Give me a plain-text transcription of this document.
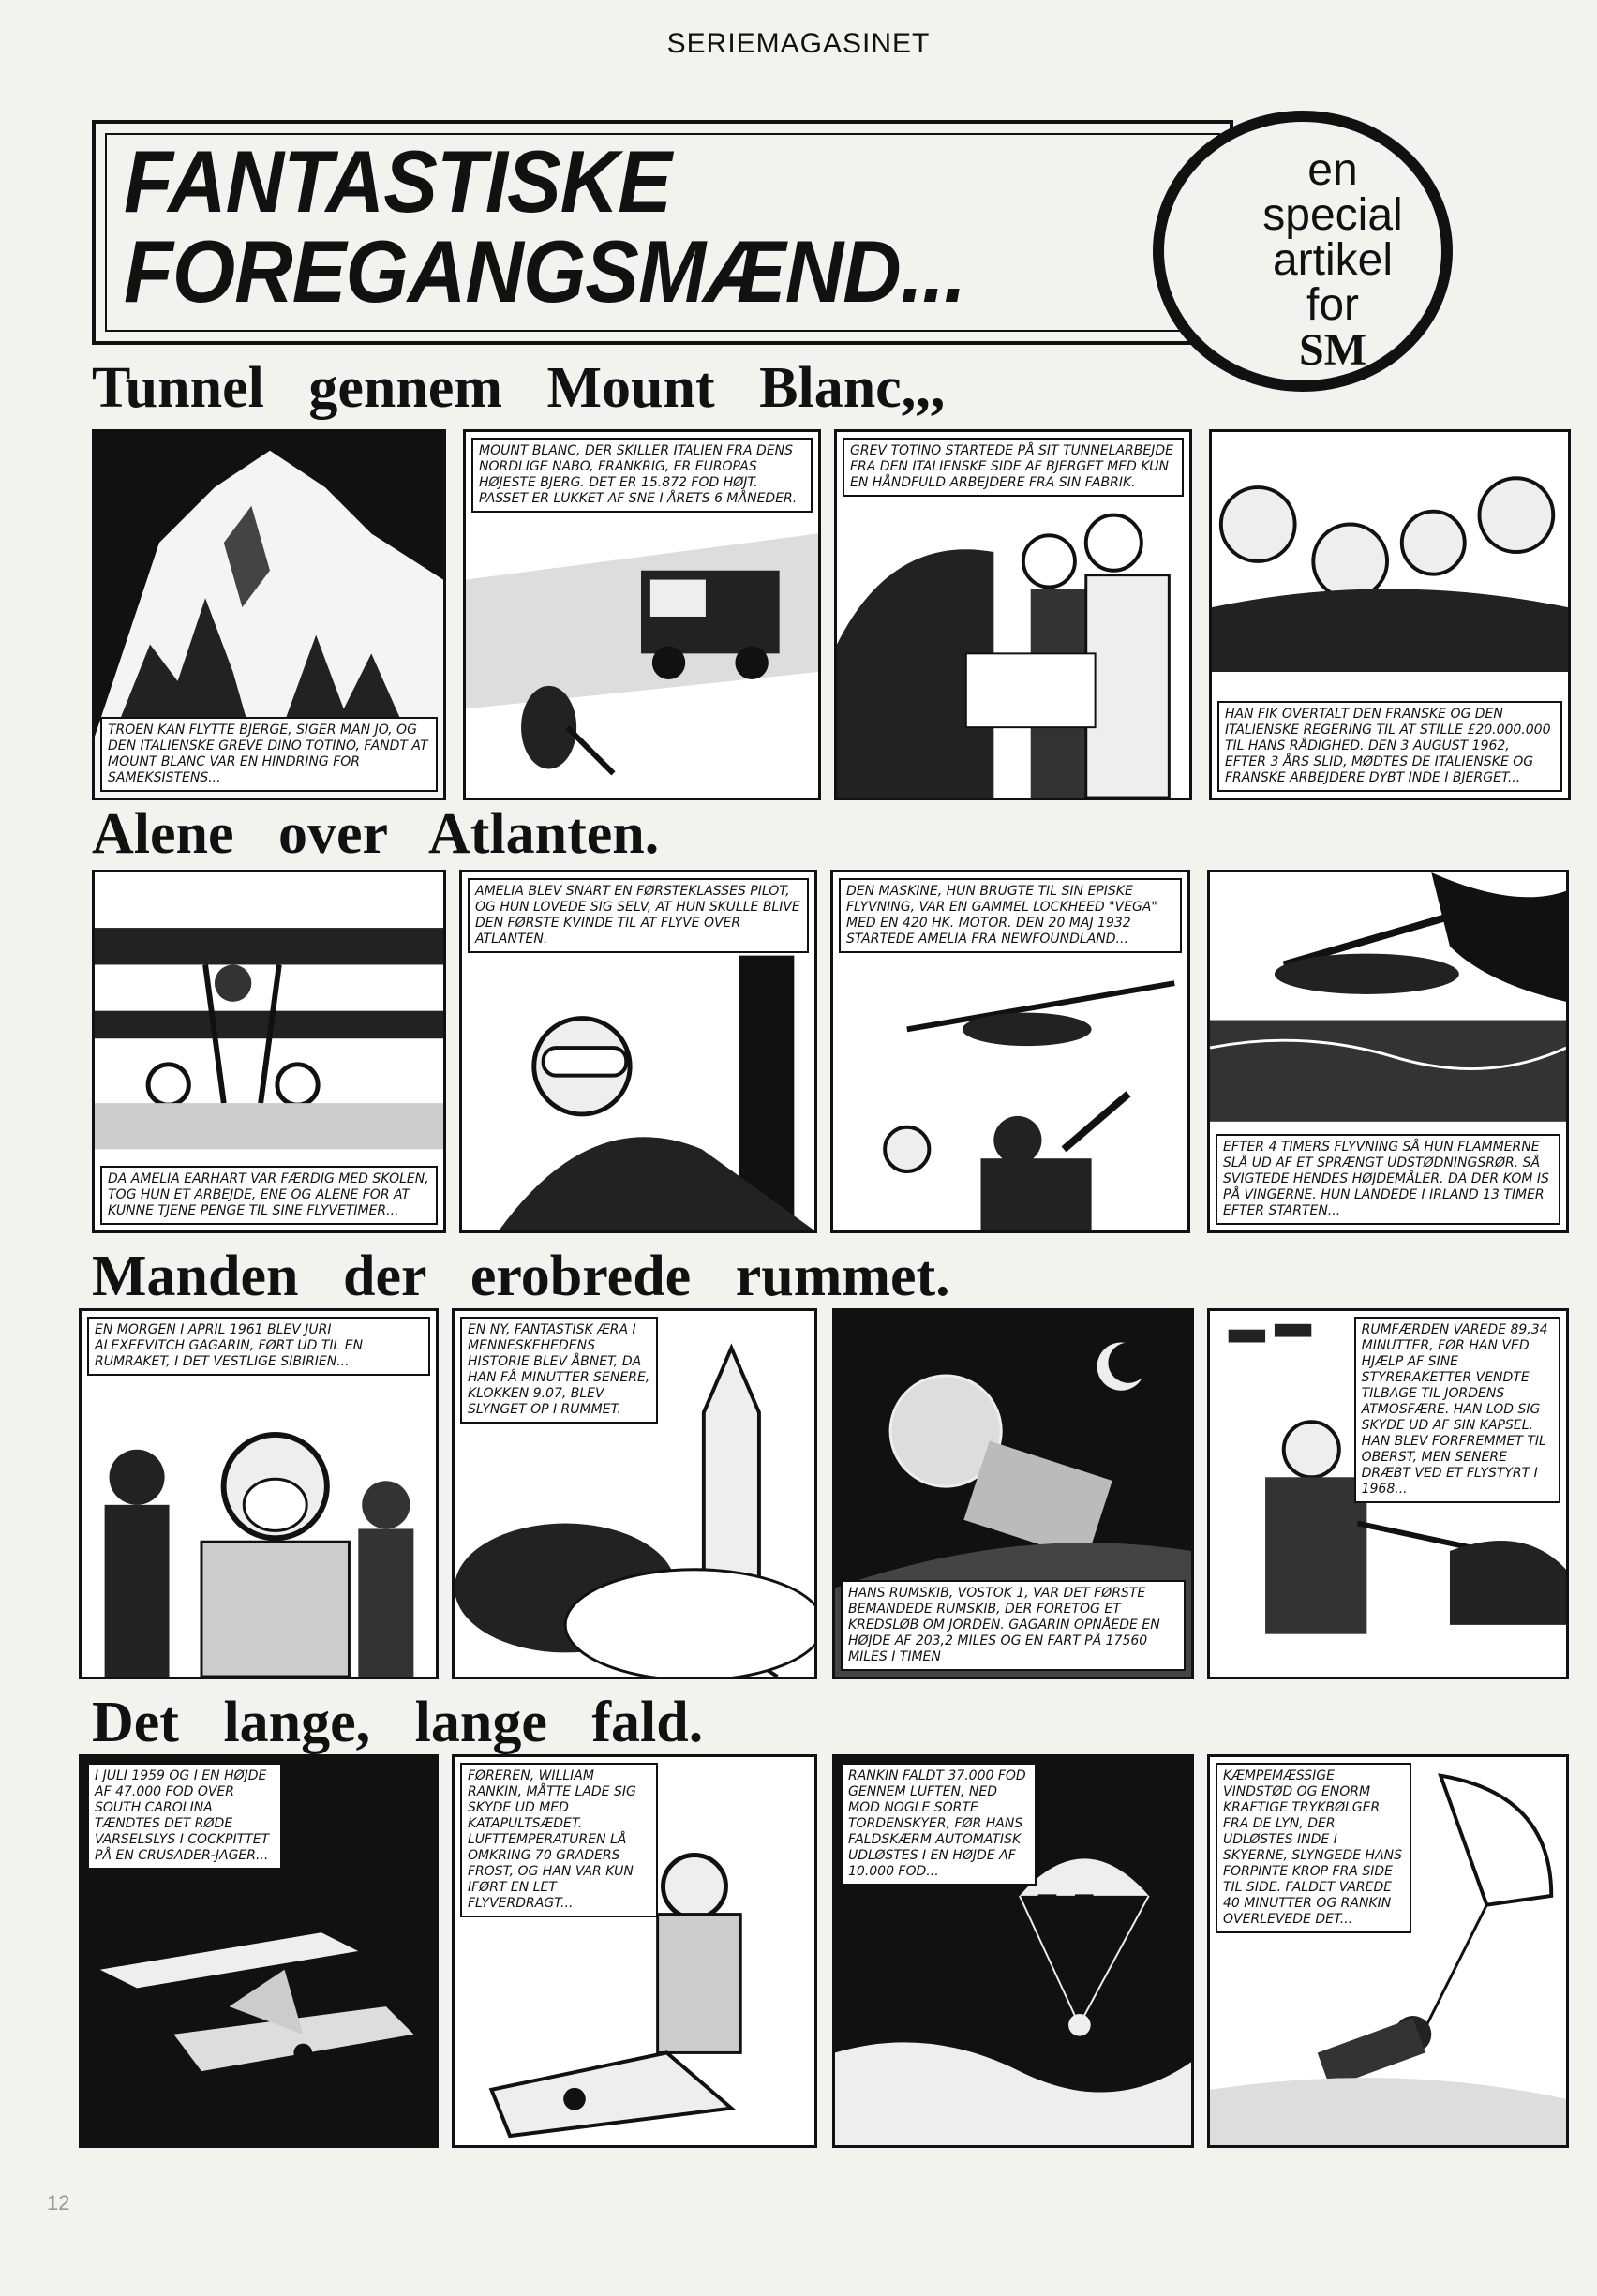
SERIEMAGASINET
FANTASTISKE
FOREGANGSMÆND...
en
special
artikel
for
SM
Tunnel gennem Mount Blanc,,,
TROEN KAN FLYTTE BJERGE, SIGER MAN JO, OG DEN ITALIENSKE GREVE DINO TOTINO, FANDT AT MOUNT BLANC VAR EN HINDRING FOR SAMEKSISTENS...
MOUNT BLANC, DER SKILLER ITALIEN FRA DENS NORDLIGE NABO, FRANKRIG, ER EUROPAS HØJESTE BJERG. DET ER 15.872 FOD HØJT. PASSET ER LUKKET AF SNE I ÅRETS 6 MÅNEDER.
GREV TOTINO STARTEDE PÅ SIT TUNNELARBEJDE FRA DEN ITALIENSKE SIDE AF BJERGET MED KUN EN HÅNDFULD ARBEJDERE FRA SIN FABRIK.
HAN FIK OVERTALT DEN FRANSKE OG DEN ITALIENSKE REGERING TIL AT STILLE £20.000.000 TIL HANS RÅDIGHED. DEN 3 AUGUST 1962, EFTER 3 ÅRS SLID, MØDTES DE ITALIENSKE OG FRANSKE ARBEJDERE DYBT INDE I BJERGET...
Alene over Atlanten.
DA AMELIA EARHART VAR FÆRDIG MED SKOLEN, TOG HUN ET ARBEJDE, ENE OG ALENE FOR AT KUNNE TJENE PENGE TIL SINE FLYVETIMER...
AMELIA BLEV SNART EN FØRSTEKLASSES PILOT, OG HUN LOVEDE SIG SELV, AT HUN SKULLE BLIVE DEN FØRSTE KVINDE TIL AT FLYVE OVER ATLANTEN.
DEN MASKINE, HUN BRUGTE TIL SIN EPISKE FLYVNING, VAR EN GAMMEL LOCKHEED "VEGA" MED EN 420 HK. MOTOR. DEN 20 MAJ 1932 STARTEDE AMELIA FRA NEWFOUNDLAND...
EFTER 4 TIMERS FLYVNING SÅ HUN FLAMMERNE SLÅ UD AF ET SPRÆNGT UDSTØDNINGSRØR. SÅ SVIGTEDE HENDES HØJDEMÅLER. DA DER KOM IS PÅ VINGERNE. HUN LANDEDE I IRLAND 13 TIMER EFTER STARTEN...
Manden der erobrede rummet.
EN MORGEN I APRIL 1961 BLEV JURI ALEXEEVITCH GAGARIN, FØRT UD TIL EN RUMRAKET, I DET VESTLIGE SIBIRIEN...
EN NY, FANTASTISK ÆRA I MENNESKEHEDENS HISTORIE BLEV ÅBNET, DA HAN FÅ MINUTTER SENERE, KLOKKEN 9.07, BLEV SLYNGET OP I RUMMET.
HANS RUMSKIB, VOSTOK 1, VAR DET FØRSTE BEMANDEDE RUMSKIB, DER FORETOG ET KREDSLØB OM JORDEN. GAGARIN OPNÅEDE EN HØJDE AF 203,2 MILES OG EN FART PÅ 17560 MILES I TIMEN
RUMFÆRDEN VAREDE 89,34 MINUTTER, FØR HAN VED HJÆLP AF SINE STYRERAKETTER VENDTE TILBAGE TIL JORDENS ATMOSFÆRE. HAN LOD SIG SKYDE UD AF SIN KAPSEL. HAN BLEV FORFREMMET TIL OBERST, MEN SENERE DRÆBT VED ET FLYSTYRT I 1968...
Det lange, lange fald.
I JULI 1959 OG I EN HØJDE AF 47.000 FOD OVER SOUTH CAROLINA TÆNDTES DET RØDE VARSELSLYS I COCKPITTET PÅ EN CRUSADER-JAGER...
FØREREN, WILLIAM RANKIN, MÅTTE LADE SIG SKYDE UD MED KATAPULTSÆDET. LUFTTEMPERATUREN LÅ OMKRING 70 GRADERS FROST, OG HAN VAR KUN IFØRT EN LET FLYVERDRAGT...
RANKIN FALDT 37.000 FOD GENNEM LUFTEN, NED MOD NOGLE SORTE TORDENSKYER, FØR HANS FALDSKÆRM AUTOMATISK UDLØSTES I EN HØJDE AF 10.000 FOD...
KÆMPEMÆSSIGE VINDSTØD OG ENORM KRAFTIGE TRYKBØLGER FRA DE LYN, DER UDLØSTES INDE I SKYERNE, SLYNGEDE HANS FORPINTE KROP FRA SIDE TIL SIDE. FALDET VAREDE 40 MINUTTER OG RANKIN OVERLEVEDE DET...
12
